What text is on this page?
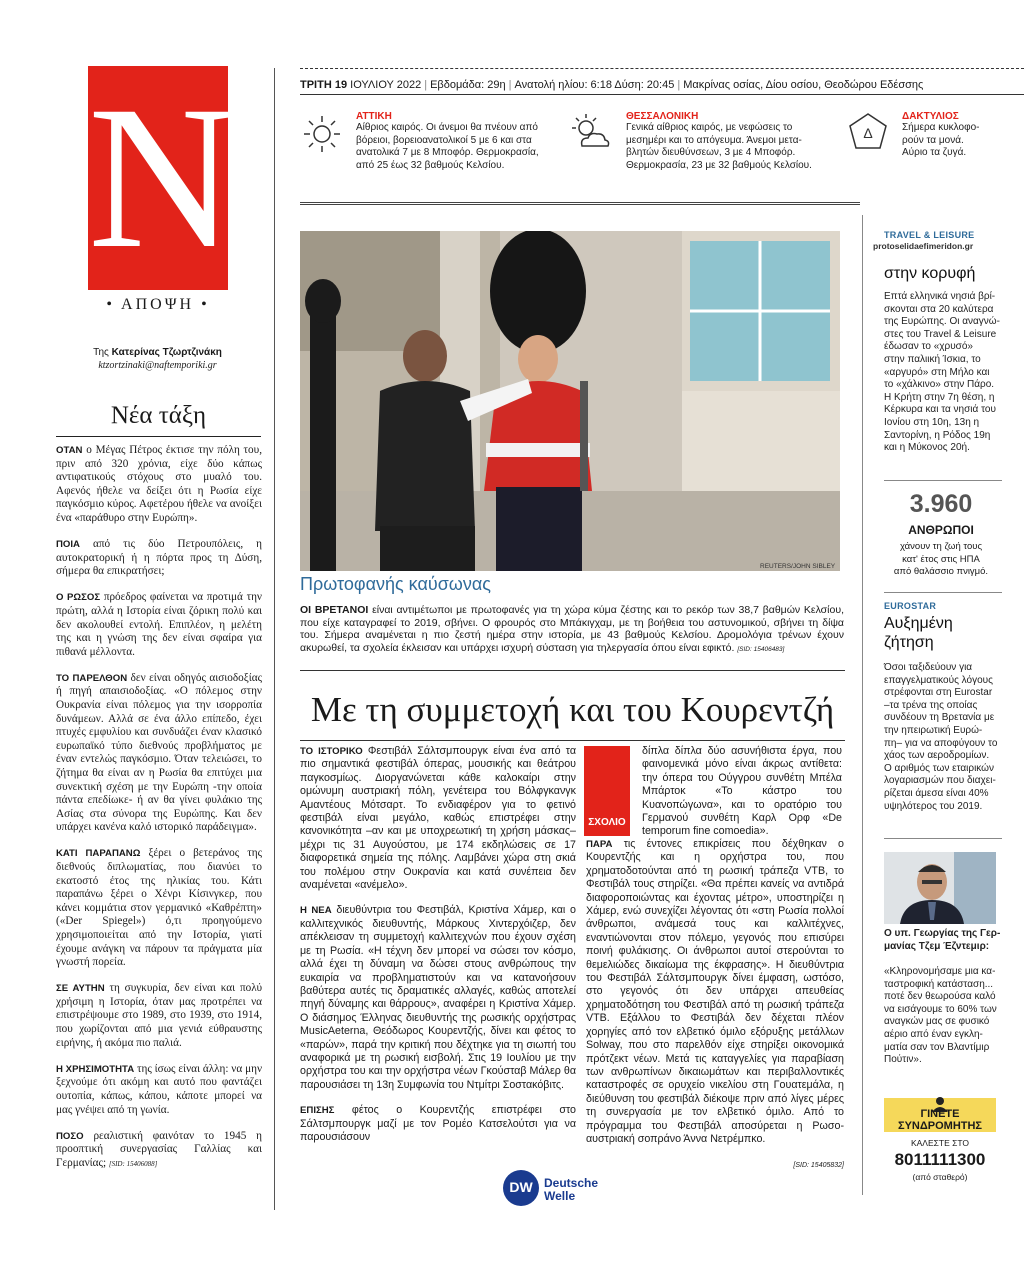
N
• ΑΠΟΨΗ •
Της Κατερίνας Τζωρτζινάκη
ktzortzinaki@naftemporiki.gr
Νέα τάξη

ΟΤΑΝ ο Μέγας Πέτρος έκτισε την πόλη του, πριν από 320 χρόνια, είχε δύο κάπως αντιφατικούς στόχους στο μυαλό του. Αφενός ήθελε να δείξει ότι η Ρωσία είχε παγκόσμιο κύρος. Αφετέρου ήθελε να ανοίξει ένα «παράθυρο στην Ευρώπη».

ΠΟΙΑ από τις δύο Πετρουπόλεις, η αυτοκρατορική ή η πόρτα προς τη Δύση, σήμερα θα επικρατήσει;

Ο ΡΩΣΟΣ πρόεδρος φαίνεται να προτιμά την πρώτη, αλλά η Ιστορία είναι ζόρικη πολύ και δεν ακολουθεί εντολή. Επιπλέον, η μελέτη της και η γνώση της δεν είναι σφαίρα για πιθανά μέλλοντα.

ΤΟ ΠΑΡΕΛΘΟΝ δεν είναι οδηγός αισιοδοξίας ή πηγή απαισιοδοξίας. «Ο πόλεμος στην Ουκρανία είναι πόλεμος για την ισορροπία δυνάμεων. Αλλά σε ένα άλλο επίπεδο, έχει πτυχές εμφυλίου και συνδυάζει έναν κλασικό ευρωπαϊκό τύπο διεθνούς προβλήματος με έναν εντελώς παγκόσμιο. Όταν τελειώσει, το ζήτημα θα είναι αν η Ρωσία θα επιτύχει μια συνεκτική σχέση με την Ευρώπη -την οποία πάντα επεδίωκε- ή αν θα γίνει φυλάκιο της Ασίας στα σύνορα της Ευρώπης. Και δεν υπάρχει κανένα καλό ιστορικό παράδειγμα».

ΚΑΤΙ ΠΑΡΑΠΑΝΩ ξέρει ο βετεράνος της διεθνούς διπλωματίας, που διανύει το εκατοστό έτος της ηλικίας του. Κάτι παραπάνω ξέρει ο Χένρι Κίσινγκερ, που κάνει κομμάτια στον γερμανικό «Καθρέπτη» («Der Spiegel») ό,τι προηγούμενο χρησιμοποιείται από την Ιστορία, γιατί έχουμε ανάγκη να πάρουν τα πράγματα μία γνωστή πορεία.

ΣΕ ΑΥΤΗΝ τη συγκυρία, δεν είναι και πολύ χρήσιμη η Ιστορία, όταν μας προτρέπει να επιστρέψουμε στο 1989, στο 1939, στο 1914, που χωρίζονται από μια γενιά εύθραυστης ειρήνης, ή ακόμα πιο παλιά.

Η ΧΡΗΣΙΜΟΤΗΤΑ της ίσως είναι άλλη: να μην ξεχνούμε ότι ακόμη και αυτό που φαντάζει ουτοπία, κάπως, κάπου, κάποτε μπορεί να μας γνέψει από τη γωνία.

ΠΟΣΟ ρεαλιστική φαινόταν το 1945 η προοπτική συνεργασίας Γαλλίας και Γερμανίας; [SID: 15406088]

ΤΡΙΤΗ 19 ΙΟΥΛΙΟΥ 2022 | Εβδομάδα: 29η | Ανατολή ηλίου: 6:18 Δύση: 20:45 | Μακρίνας οσίας, Δίου οσίου, Θεοδώρου Εδέσσης
ΑΤΤΙΚΗ
Αίθριος καιρός. Οι άνεμοι θα πνέουν από
βόρειοι, βορειοανατολικοί 5 με 6 και στα
ανατολικά 7 με 8 Μποφόρ. Θερμοκρασία,
από 25 έως 32 βαθμούς Κελσίου.
ΘΕΣΣΑΛΟΝΙΚΗ
Γενικά αίθριος καιρός, με νεφώσεις το
μεσημέρι και το απόγευμα. Άνεμοι μετα-
βλητών διευθύνσεων, 3 με 4 Μποφόρ.
Θερμοκρασία, 23 με 32 βαθμούς Κελσίου.
Δ
ΔΑΚΤΥΛΙΟΣ
Σήμερα κυκλοφο-
ρούν τα μονά.
Αύριο τα ζυγά.
REUTERS/JOHN SIBLEY
Πρωτοφανής καύσωνας
ΟΙ ΒΡΕΤΑΝΟΙ είναι αντιμέτωποι με πρωτοφανές για τη χώρα κύμα ζέστης και το ρεκόρ των 38,7 βαθμών Κελσίου, που είχε καταγραφεί το 2019, σβήνει. Ο φρουρός στο Μπάκιγχαμ, με τη βοήθεια του αστυνομικού, σβήνει τη δίψα του. Σήμερα αναμένεται η πιο ζεστή ημέρα στην ιστορία, με 43 βαθμούς Κελσίου. Δρομολόγια τρένων έχουν ακυρωθεί, τα σχολεία έκλεισαν και υπάρχει ισχυρή σύσταση για τηλεργασία όπου είναι εφικτό. [SID: 15406483]
Με τη συμμετοχή και του Κουρεντζή

ΤΟ ΙΣΤΟΡΙΚΟ Φεστιβάλ Σάλτσμπουργκ είναι ένα από τα πιο σημαντικά φεστιβάλ όπερας, μουσικής και θεάτρου παγκοσμίως. Διοργανώνεται κάθε καλοκαίρι στην ομώνυμη αυστριακή πόλη, γενέτειρα του Βόλφγκανγκ Αμαντέους Μότσαρτ. Το ενδιαφέρον για το φετινό φεστιβάλ είναι μεγάλο, καθώς επιστρέφει στην κανονικότητα –αν και με υποχρεωτική τη χρήση μάσκας– μέχρι τις 31 Αυγούστου, με 174 εκδηλώσεις σε 17 διαφορετικά σημεία της πόλης. Λαμβάνει χώρα στη σκιά του πολέμου στην Ουκρανία και κατά συνέπεια δεν αναμένεται «ανέμελο».

Η ΝΕΑ διευθύντρια του Φεστιβάλ, Κριστίνα Χάμερ, και ο καλλιτεχνικός διευθυντής, Μάρκους Χιντερχόιζερ, δεν απέκλεισαν τη συμμετοχή καλλιτεχνών που έχουν σχέση με τη Ρωσία. «Η τέχνη δεν μπορεί να σώσει τον κόσμο, αλλά έχει τη δύναμη να δώσει στους ανθρώπους την ευκαιρία να προβληματιστούν και να κατανοήσουν βαθύτερα αυτές τις δραματικές αλλαγές, καθώς αποτελεί πηγή δύναμης και θάρρους», αναφέρει η Κριστίνα Χάμερ. Ο διάσημος Έλληνας διευθυντής της ρωσικής ορχήστρας MusicAeterna, Θεόδωρος Κουρεντζής, δίνει και φέτος το «παρών», παρά την κριτική που δέχτηκε για τη σιωπή του αναφορικά με τη ρωσική εισβολή. Στις 19 Ιουλίου με την ορχήστρα του και την ορχήστρα νέων Γκούσταβ Μάλερ θα παρουσιάσει τη 13η Συμφωνία του Ντμίτρι Σοστακόβιτς.

ΕΠΙΣΗΣ φέτος ο Κουρεντζής επιστρέφει στο Σάλτσμπουργκ μαζί με τον Ρομέο Κατσελούτσι για να παρουσιάσουν

ΣΧΟΛΙΟ

δίπλα δίπλα δύο ασυνήθιστα έργα, που φαινομενικά μόνο είναι άκρως αντίθετα: την όπερα του Ούγγρου συνθέτη Μπέλα Μπάρτοκ «Το κάστρο του Κυανοπώγωνα», και το ορατόριο του Γερμανού συνθέτη Καρλ Ορφ «De temporum fine comoedia».

ΠΑΡΑ τις έντονες επικρίσεις που δέχθηκαν ο Κουρεντζής και η ορχήστρα του, που χρηματοδοτούνται από τη ρωσική τράπεζα VTB, το Φεστιβάλ τους στηρίζει. «Θα πρέπει κανείς να αντιδρά διαφοροποιώντας και έχοντας μέτρο», υποστηρίζει η Χάμερ, ενώ συνεχίζει λέγοντας ότι «στη Ρωσία πολλοί άνθρωποι, ανάμεσά τους και καλλιτέχνες, εναντιώνονται στον πόλεμο, γεγονός που επισύρει ποινή φυλάκισης. Οι άνθρωποι αυτοί στερούνται το θεμελιώδες δικαίωμα της έκφρασης». Η διευθύντρια του Φεστιβάλ Σάλτσμπουργκ δίνει έμφαση, ωστόσο, στο γεγονός ότι δεν υπάρχει απευθείας χρηματοδότηση του Φεστιβάλ από τη ρωσική τράπεζα VTB. Εξάλλου το Φεστιβάλ δεν δέχεται πλέον χορηγίες από τον ελβετικό όμιλο εξόρυξης μετάλλων Solway, που στο παρελθόν είχε στηρίξει οικονομικά πρότζεκτ νέων. Μετά τις καταγγελίες για παραβίαση των ανθρωπίνων δικαιωμάτων και περιβαλλοντικές καταστροφές σε ορυχείο νικελίου στη Γουατεμάλα, η διεύθυνση του φεστιβάλ διέκοψε πριν από λίγες μέρες τη συνεργασία με τον ελβετικό όμιλο. Από το πρόγραμμα του Φεστιβάλ αποσύρεται η Ρωσο-αυστριακή σοπράνο Άννα Νετρέμπκο.

[SID: 15405832]
DW Deutsche
Welle
TRAVEL & LEISURE
protoselidaefimeridon.gr
στην κορυφή
Επτά ελληνικά νησιά βρί-
σκονται στα 20 καλύτερα
της Ευρώπης. Οι αναγνώ-
στες του Travel & Leisure
έδωσαν το «χρυσό»
στην παλιική Ίσκια, το
«αργυρό» στη Μήλο και
το «χάλκινο» στην Πάρο.
Η Κρήτη στην 7η θέση, η
Κέρκυρα και τα νησιά του
Ιονίου στη 10η, 13η η
Σαντορίνη, η Ρόδος 19η
και η Μύκονος 20ή.
3.960
ΑΝΘΡΩΠΟΙ
χάνουν τη ζωή τους
κατ' έτος στις ΗΠΑ
από θαλάσσιο πνιγμό.
EUROSTAR
Αυξημένη
ζήτηση
Όσοι ταξιδεύουν για
επαγγελματικούς λόγους
στρέφονται στη Eurostar
–τα τρένα της οποίας
συνδέουν τη Βρετανία με
την ηπειρωτική Ευρώ-
πη– για να αποφύγουν το
χάος των αεροδρομίων.
Ο αριθμός των εταιρικών
λογαριασμών που διαχει-
ρίζεται άμεσα είναι 40%
υψηλότερος του 2019.
Ο υπ. Γεωργίας της Γερ-
μανίας Τζεμ Έζντεμιρ:
«Κληρονομήσαμε μια κα-
ταστροφική κατάσταση...
ποτέ δεν θεωρούσα καλό
να εισάγουμε το 60% των
αναγκών μας σε φυσικό
αέριο από έναν εγκλη-
ματία σαν τον Βλαντίμιρ
Πούτιν».
ΓΙΝΕΤΕ
ΣΥΝΔΡΟΜΗΤΗΣ
ΚΑΛΕΣΤΕ ΣΤΟ
8011111300
(από σταθερό)
